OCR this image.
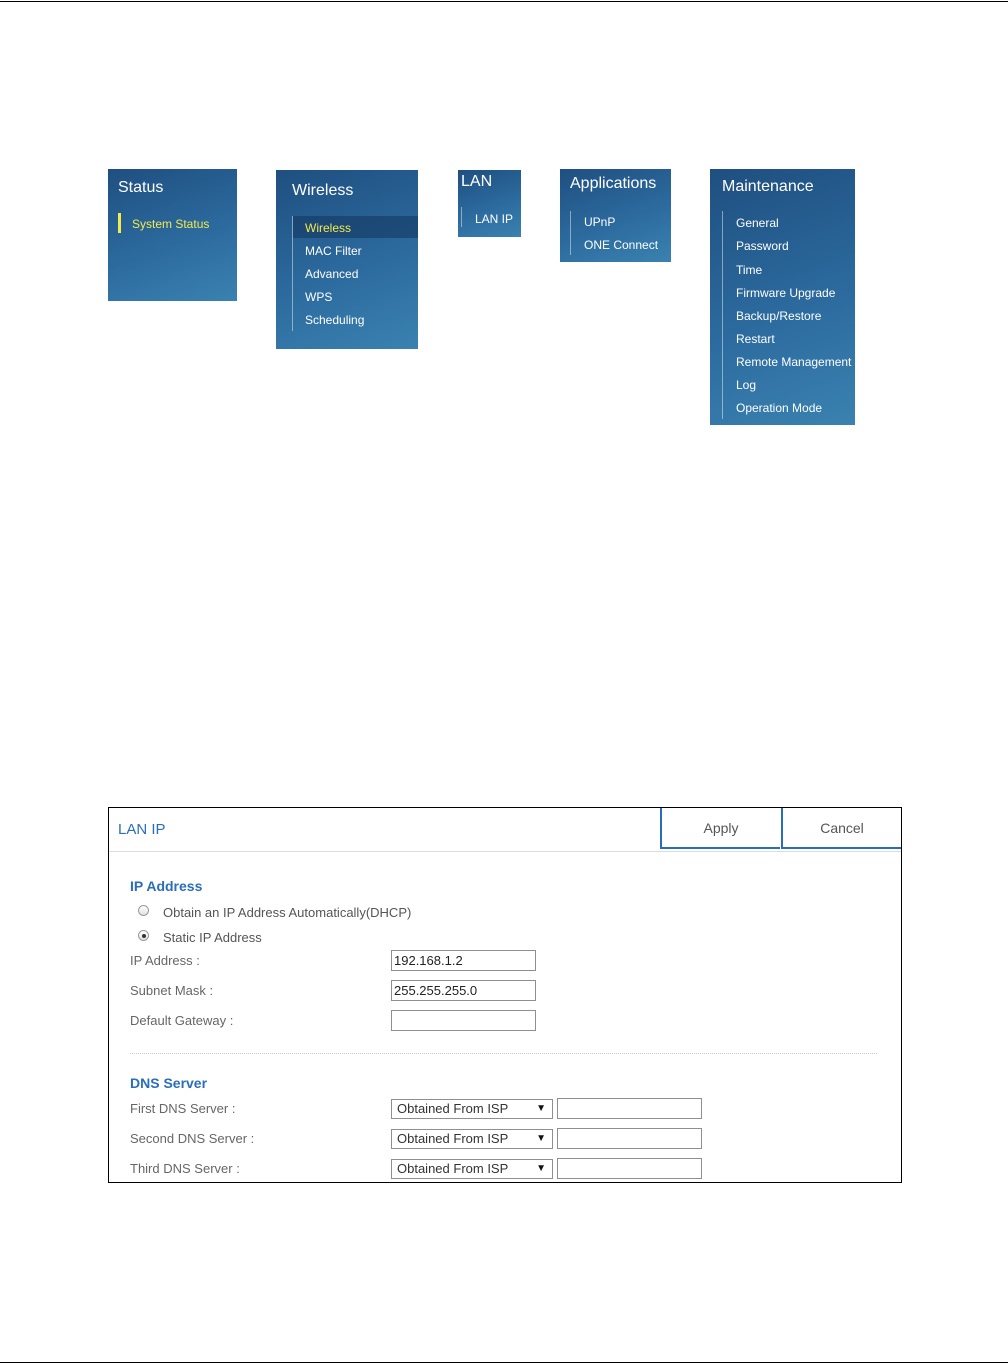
Status
System Status
Wireless
Wireless
MAC Filter
Advanced
WPS
Scheduling
LAN
LAN IP
Applications
UPnP
ONE Connect
Maintenance
General
Password
Time
Firmware Upgrade
Backup/Restore
Restart
Remote Management
Log
Operation Mode
LAN IP	Apply	Cancel
IP Address
Obtain an IP Address Automatically(DHCP)
Static IP Address
IP Address :
192.168.1.2
Subnet Mask :
255.255.255.0
Default Gateway :
DNS Server
First DNS Server :	Obtained From ISP	▼
Second DNS Server :	Obtained From ISP	▼
Third DNS Server :	Obtained From ISP	▼
